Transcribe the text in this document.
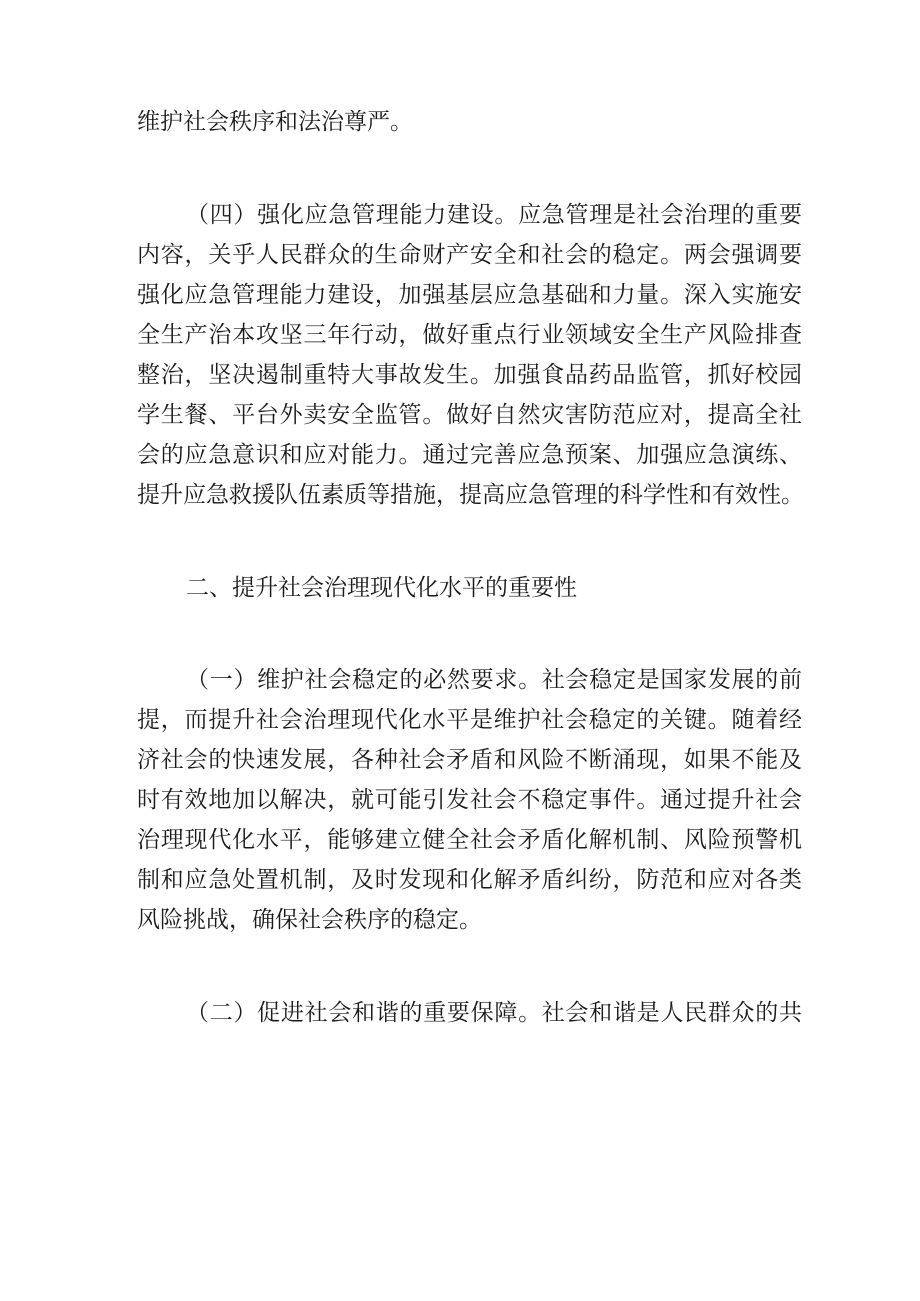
维护社会秩序和法治尊严。
（四）强化应急管理能力建设。应急管理是社会治理的重要
内容，关乎人民群众的生命财产安全和社会的稳定。两会强调要
强化应急管理能力建设，加强基层应急基础和力量。深入实施安
全生产治本攻坚三年行动，做好重点行业领域安全生产风险排查
整治，坚决遏制重特大事故发生。加强食品药品监管，抓好校园
学生餐、平台外卖安全监管。做好自然灾害防范应对，提高全社
会的应急意识和应对能力。通过完善应急预案、加强应急演练、
提升应急救援队伍素质等措施，提高应急管理的科学性和有效性。
二、提升社会治理现代化水平的重要性
（一）维护社会稳定的必然要求。社会稳定是国家发展的前
提，而提升社会治理现代化水平是维护社会稳定的关键。随着经
济社会的快速发展，各种社会矛盾和风险不断涌现，如果不能及
时有效地加以解决，就可能引发社会不稳定事件。通过提升社会
治理现代化水平，能够建立健全社会矛盾化解机制、风险预警机
制和应急处置机制，及时发现和化解矛盾纠纷，防范和应对各类
风险挑战，确保社会秩序的稳定。
（二）促进社会和谐的重要保障。社会和谐是人民群众的共
